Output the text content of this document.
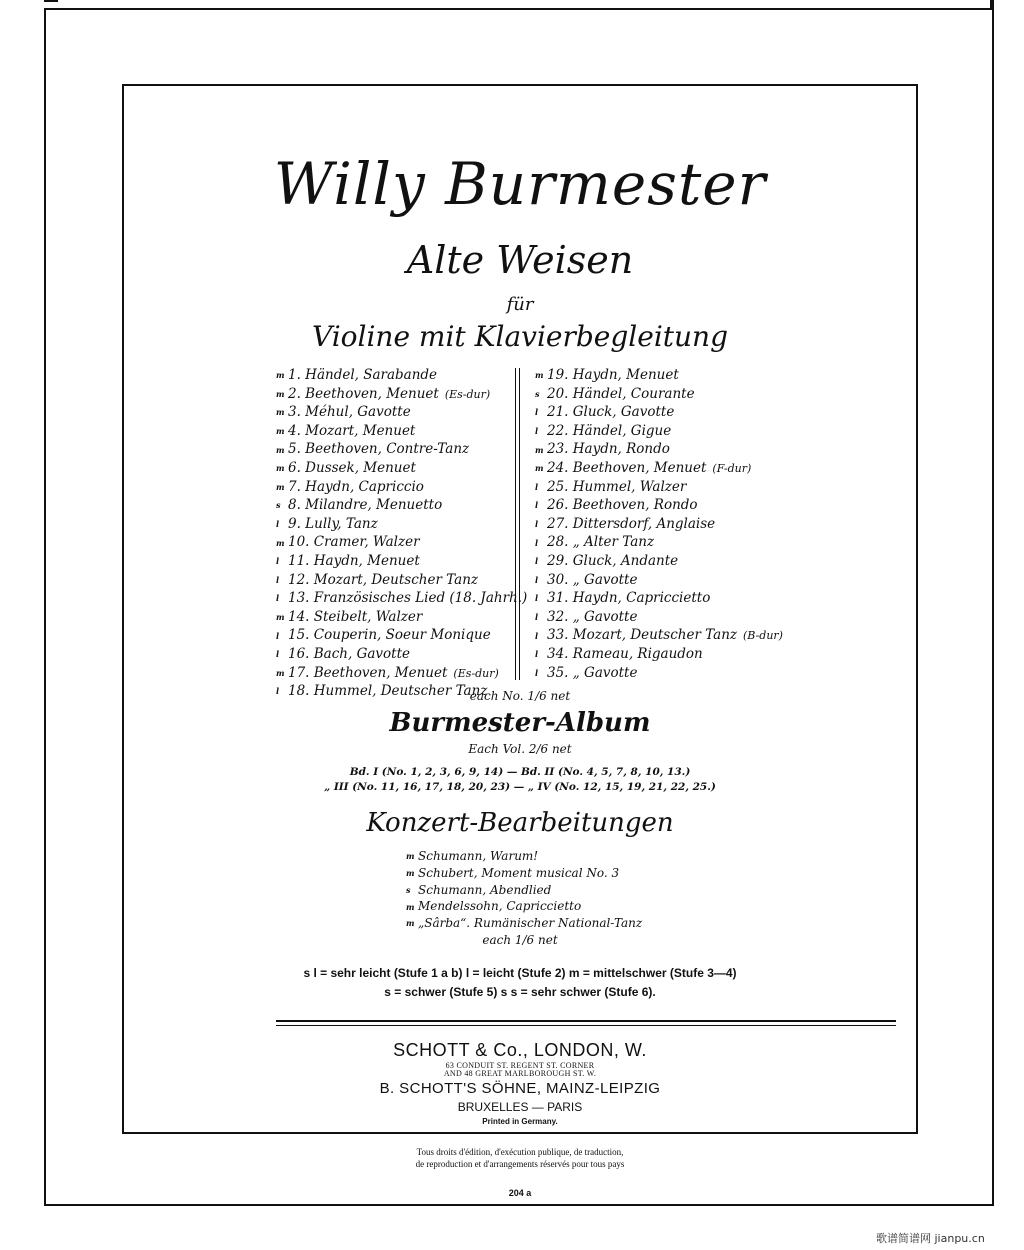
Willy Burmester
Alte Weisen
für
Violine mit Klavierbegleitung
m 1. Händel, Sarabande
m 2. Beethoven, Menuet (Es-dur)
m 3. Méhul, Gavotte
m 4. Mozart, Menuet
m 5. Beethoven, Contre-Tanz
m 6. Dussek, Menuet
m 7. Haydn, Capriccio
s 8. Milandre, Menuetto
l 9. Lully, Tanz
m 10. Cramer, Walzer
l 11. Haydn, Menuet
l 12. Mozart, Deutscher Tanz
l 13. Französisches Lied (18. Jahrh.)
m 14. Steibelt, Walzer
l 15. Couperin, Soeur Monique
l 16. Bach, Gavotte
m 17. Beethoven, Menuet (Es-dur)
l 18. Hummel, Deutscher Tanz
m 19. Haydn, Menuet
s 20. Händel, Courante
l 21. Gluck, Gavotte
l 22. Händel, Gigue
m 23. Haydn, Rondo
m 24. Beethoven, Menuet (F-dur)
l 25. Hummel, Walzer
l 26. Beethoven, Rondo
l 27. Dittersdorf, Anglaise
l 28. „ Alter Tanz
l 29. Gluck, Andante
l 30. „ Gavotte
l 31. Haydn, Capriccietto
l 32. „ Gavotte
l 33. Mozart, Deutscher Tanz (B-dur)
l 34. Rameau, Rigaudon
l 35. „ Gavotte
each No. 1/6 net
Burmester-Album
Each Vol. 2/6 net
Bd. I (No. 1, 2, 3, 6, 9, 14) — Bd. II (No. 4, 5, 7, 8, 10, 13.)
„ III (No. 11, 16, 17, 18, 20, 23) — „ IV (No. 12, 15, 19, 21, 22, 25.)
Konzert-Bearbeitungen
m Schumann, Warum!
m Schubert, Moment musical No. 3
s Schumann, Abendlied
m Mendelssohn, Capriccietto
m „Sârba“. Rumänischer National-Tanz
each 1/6 net
s l = sehr leicht (Stufe 1 a b) l = leicht (Stufe 2) m = mittelschwer (Stufe 3—4)
s = schwer (Stufe 5) s s = sehr schwer (Stufe 6).
SCHOTT & Co., LONDON, W.
63 CONDUIT ST. REGENT ST. CORNER
AND 48 GREAT MARLBOROUGH ST. W.
B. SCHOTT'S SÖHNE, MAINZ-LEIPZIG
BRUXELLES — PARIS
Printed in Germany.
Tous droits d'édition, d'exécution publique, de traduction,
de reproduction et d'arrangements réservés pour tous pays
204 a
歌谱简谱网 jianpu.cn
